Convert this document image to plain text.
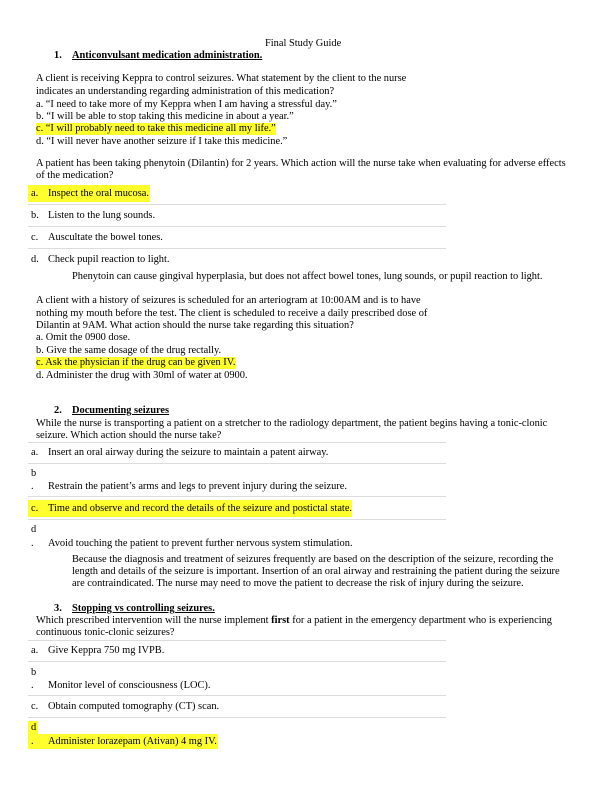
Final Study Guide
1. Anticonvulsant medication administration.
A client is receiving Keppra to control seizures. What statement by the client to the nurse
indicates an understanding regarding administration of this medication?
a. “I need to take more of my Keppra when I am having a stressful day.”
b. “I will be able to stop taking this medicine in about a year.”
c. “I will probably need to take this medicine all my life.”
d. “I will never have another seizure if I take this medicine.”
A patient has been taking phenytoin (Dilantin) for 2 years. Which action will the nurse take when evaluating for adverse effects
of the medication?
a. Inspect the oral mucosa.
b. Listen to the lung sounds.
c. Auscultate the bowel tones.
d. Check pupil reaction to light.
Phenytoin can cause gingival hyperplasia, but does not affect bowel tones, lung sounds, or pupil reaction to light.
A client with a history of seizures is scheduled for an arteriogram at 10:00AM and is to have
nothing my mouth before the test. The client is scheduled to receive a daily prescribed dose of
Dilantin at 9AM. What action should the nurse take regarding this situation?
a. Omit the 0900 dose.
b. Give the same dosage of the drug rectally.
c. Ask the physician if the drug can be given IV.
d. Administer the drug with 30ml of water at 0900.
2. Documenting seizures
While the nurse is transporting a patient on a stretcher to the radiology department, the patient begins having a tonic-clonic
seizure. Which action should the nurse take?
a. Insert an oral airway during the seizure to maintain a patent airway.
b
. Restrain the patient’s arms and legs to prevent injury during the seizure.
c. Time and observe and record the details of the seizure and postictal state.
d
. Avoid touching the patient to prevent further nervous system stimulation.
Because the diagnosis and treatment of seizures frequently are based on the description of the seizure, recording the
length and details of the seizure is important. Insertion of an oral airway and restraining the patient during the seizure
are contraindicated. The nurse may need to move the patient to decrease the risk of injury during the seizure.
3. Stopping vs controlling seizures.
Which prescribed intervention will the nurse implement first for a patient in the emergency department who is experiencing
continuous tonic-clonic seizures?
a. Give Keppra 750 mg IVPB.
b
. Monitor level of consciousness (LOC).
c. Obtain computed tomography (CT) scan.
d
. Administer lorazepam (Ativan) 4 mg IV.
